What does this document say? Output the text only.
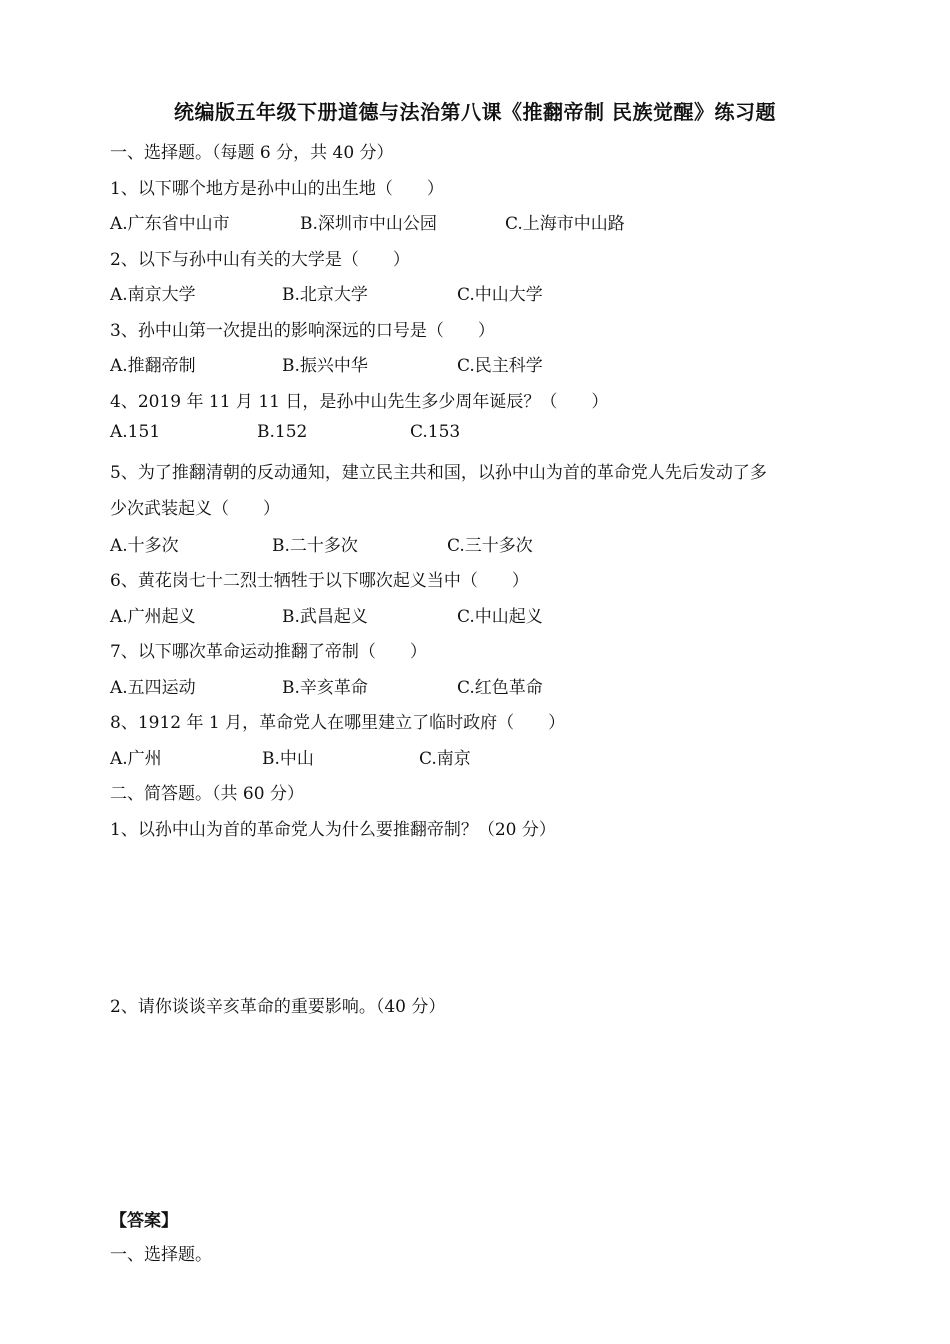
统编版五年级下册道德与法治第八课《推翻帝制 民族觉醒》练习题
一、选择题。（每题 6 分，共 40 分）
1、以下哪个地方是孙中山的出生地（　　）
A.广东省中山市	B.深圳市中山公园	C.上海市中山路
2、以下与孙中山有关的大学是（　　）
A.南京大学	B.北京大学	C.中山大学
3、孙中山第一次提出的影响深远的口号是（　　）
A.推翻帝制	B.振兴中华	C.民主科学
4、2019 年 11 月 11 日，是孙中山先生多少周年诞辰？（　　）
A.151	B.152	C.153
5、为了推翻清朝的反动通知，建立民主共和国，以孙中山为首的革命党人先后发动了多
少次武装起义（　　）
A.十多次	B.二十多次	C.三十多次
6、黄花岗七十二烈士牺牲于以下哪次起义当中（　　）
A.广州起义	B.武昌起义	C.中山起义
7、以下哪次革命运动推翻了帝制（　　）
A.五四运动	B.辛亥革命	C.红色革命
8、1912 年 1 月，革命党人在哪里建立了临时政府（　　）
A.广州	B.中山	C.南京
二、简答题。（共 60 分）
1、以孙中山为首的革命党人为什么要推翻帝制？（20 分）
2、请你谈谈辛亥革命的重要影响。（40 分）
【答案】
一、选择题。
